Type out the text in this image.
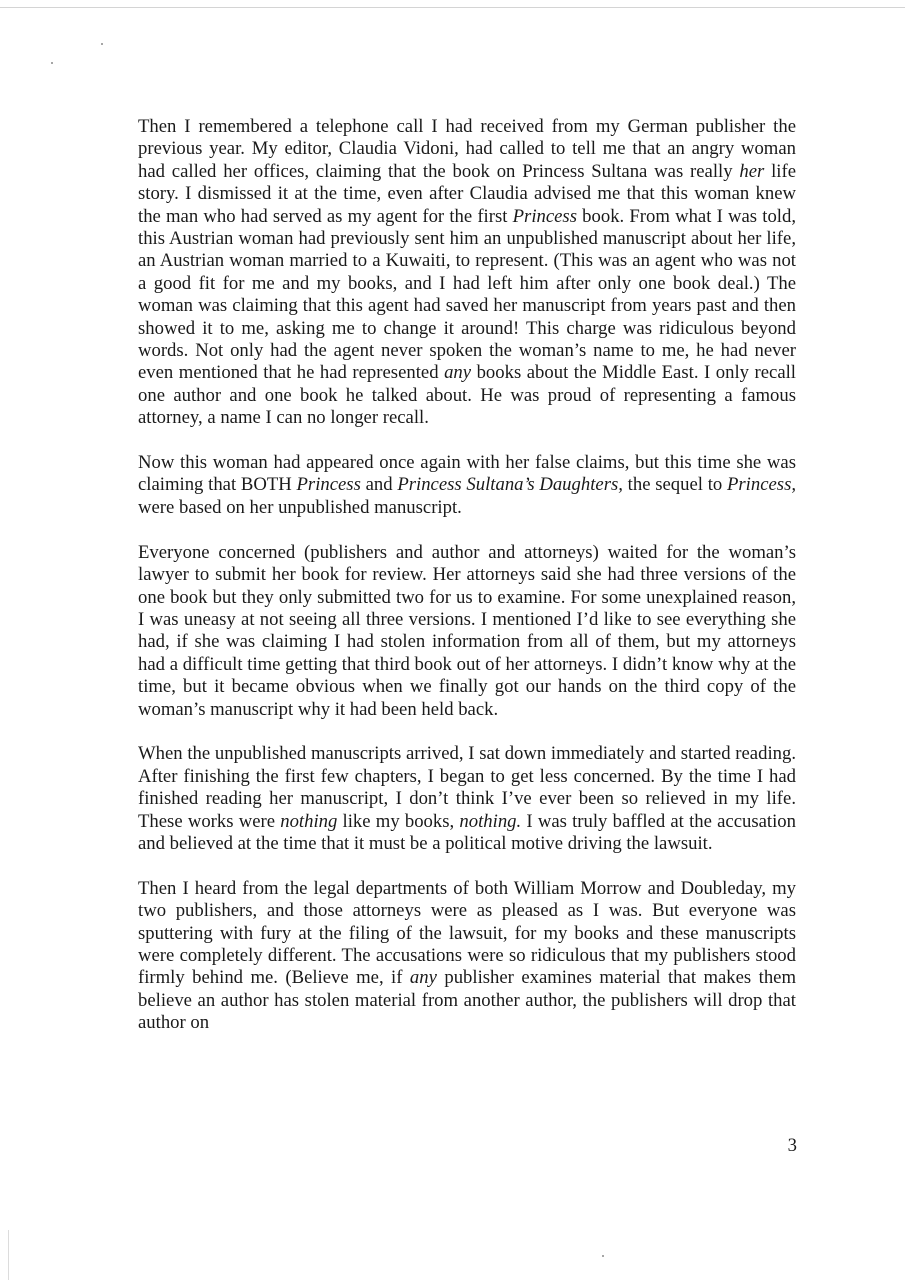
Then I remembered a telephone call I had received from my German publisher the previous year. My editor, Claudia Vidoni, had called to tell me that an angry woman had called her offices, claiming that the book on Princess Sultana was really her life story. I dismissed it at the time, even after Claudia advised me that this woman knew the man who had served as my agent for the first Princess book. From what I was told, this Austrian woman had previously sent him an unpublished manuscript about her life, an Austrian woman married to a Kuwaiti, to represent. (This was an agent who was not a good fit for me and my books, and I had left him after only one book deal.) The woman was claiming that this agent had saved her manuscript from years past and then showed it to me, asking me to change it around! This charge was ridiculous beyond words. Not only had the agent never spoken the woman’s name to me, he had never even mentioned that he had represented any books about the Middle East. I only recall one author and one book he talked about. He was proud of representing a famous attorney, a name I can no longer recall.

Now this woman had appeared once again with her false claims, but this time she was claiming that BOTH Princess and Princess Sultana’s Daughters, the sequel to Princess, were based on her unpublished manuscript.

Everyone concerned (publishers and author and attorneys) waited for the woman’s lawyer to submit her book for review. Her attorneys said she had three versions of the one book but they only submitted two for us to examine. For some unexplained reason, I was uneasy at not seeing all three versions. I mentioned I’d like to see everything she had, if she was claiming I had stolen information from all of them, but my attorneys had a difficult time getting that third book out of her attorneys. I didn’t know why at the time, but it became obvious when we finally got our hands on the third copy of the woman’s manuscript why it had been held back.

When the unpublished manuscripts arrived, I sat down immediately and started reading. After finishing the first few chapters, I began to get less concerned. By the time I had finished reading her manuscript, I don’t think I’ve ever been so relieved in my life. These works were nothing like my books, nothing. I was truly baffled at the accusation and believed at the time that it must be a political motive driving the lawsuit.

Then I heard from the legal departments of both William Morrow and Doubleday, my two publishers, and those attorneys were as pleased as I was. But everyone was sputtering with fury at the filing of the lawsuit, for my books and these manuscripts were completely different. The accusations were so ridiculous that my publishers stood firmly behind me. (Believe me, if any publisher examines material that makes them believe an author has stolen material from another author, the publishers will drop that author on

3
